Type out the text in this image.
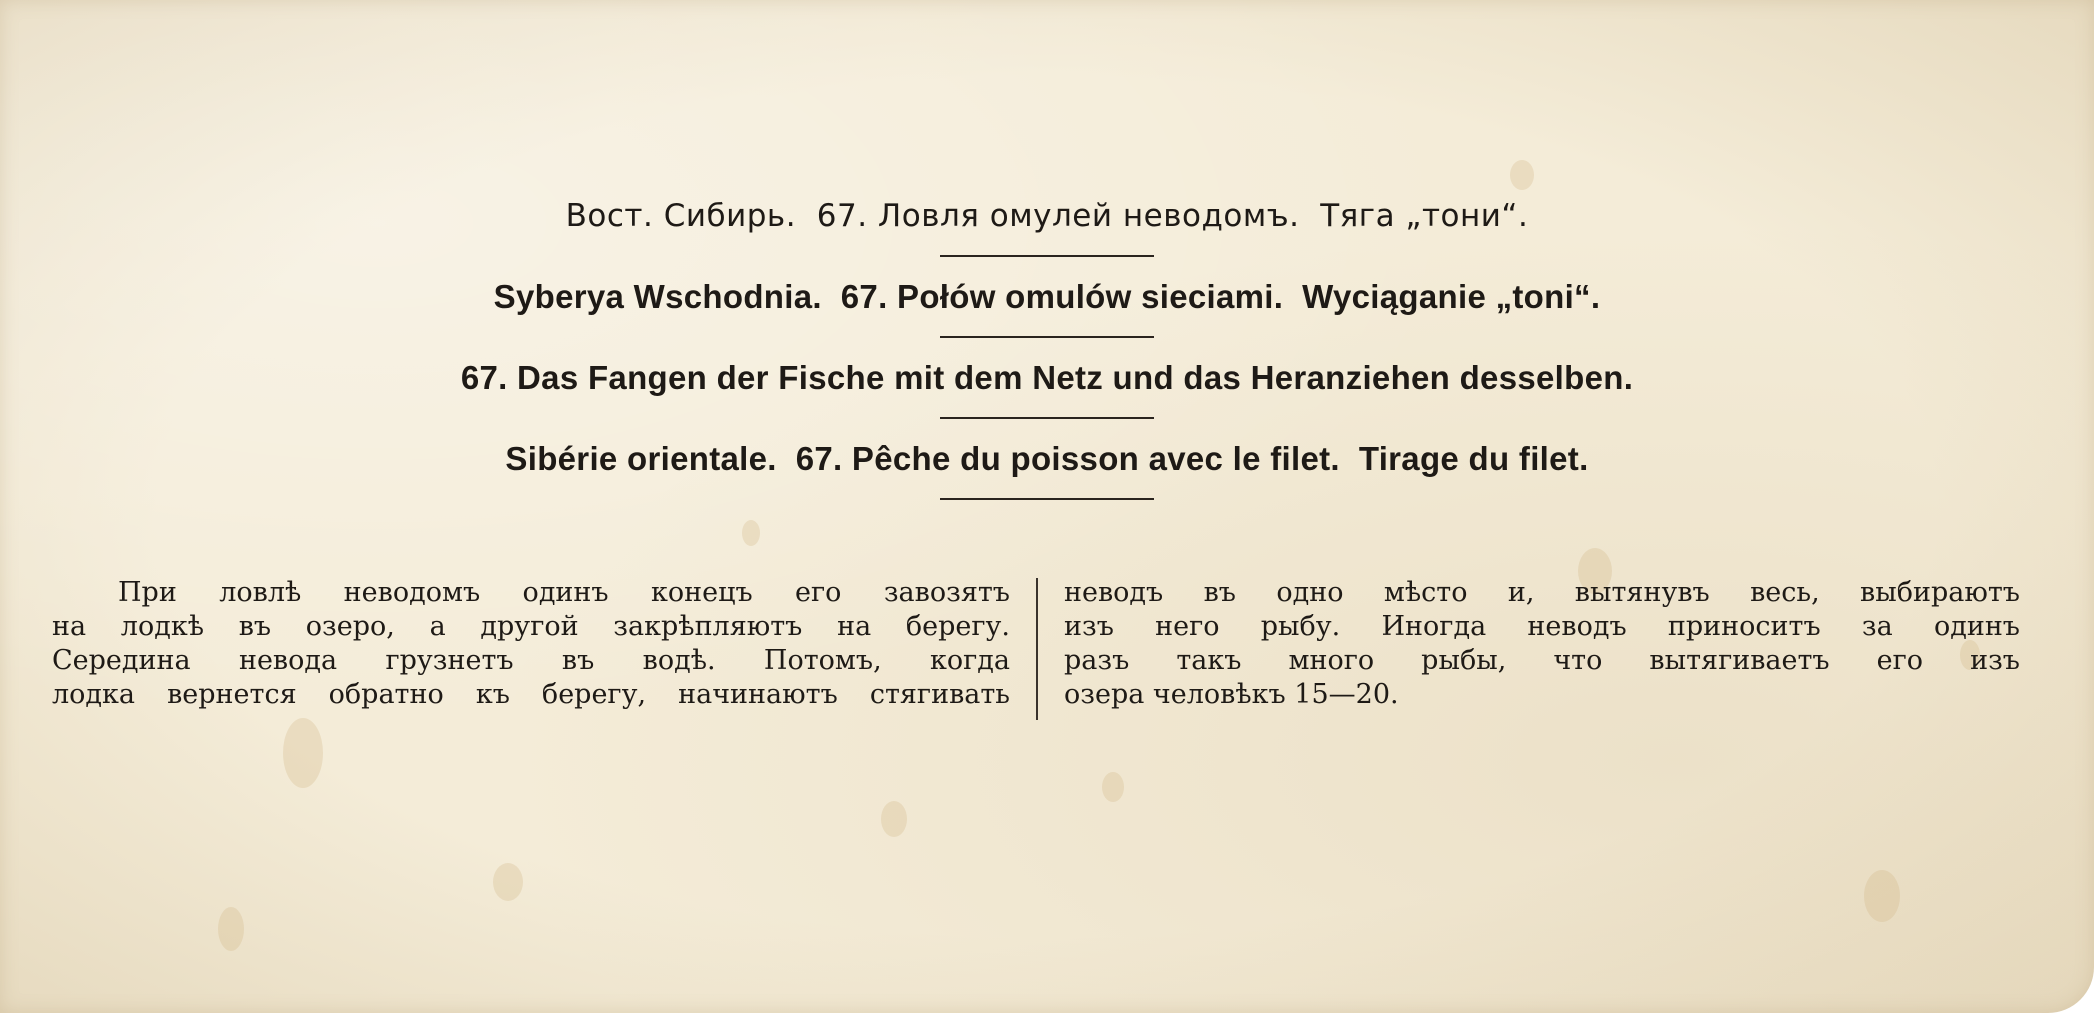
Вост. Сибирь.  67. Ловля омулей неводомъ.  Тяга „тони“.
Syberya Wschodnia.  67. Połów omulów sieciami.  Wyciąganie „toni“.
67. Das Fangen der Fische mit dem Netz und das Heranziehen desselben.
Sibérie orientale.  67. Pêche du poisson avec le filet.  Tirage du filet.
При ловлѣ неводомъ одинъ конецъ его завозятъ
на лодкѣ въ озеро, а другой закрѣпляютъ на берегу.
Середина невода грузнетъ въ водѣ. Потомъ, когда
лодка вернется обратно къ берегу, начинаютъ стягивать
неводъ въ одно мѣсто и, вытянувъ весь, выбираютъ
изъ него рыбу. Иногда неводъ приноситъ за одинъ
разъ такъ много рыбы, что вытягиваетъ его изъ
озера человѣкъ 15—20.
